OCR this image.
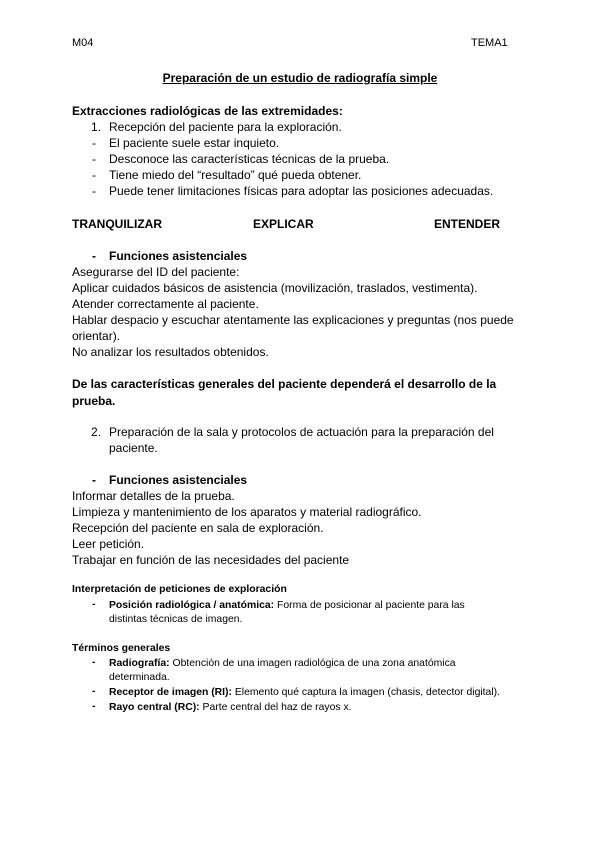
M04	TEMA1
Preparación de un estudio de radiografía simple
Extracciones radiológicas de las extremidades:
1. Recepción del paciente para la exploración.
- El paciente suele estar inquieto.
- Desconoce las características técnicas de la prueba.
- Tiene miedo del “resultado” qué pueda obtener.
- Puede tener limitaciones físicas para adoptar las posiciones adecuadas.
TRANQUILIZAR	EXPLICAR	ENTENDER
- Funciones asistenciales
Asegurarse del ID del paciente:
Aplicar cuidados básicos de asistencia (movilización, traslados, vestimenta).
Atender correctamente al paciente.
Hablar despacio y escuchar atentamente las explicaciones y preguntas (nos puede
orientar).
No analizar los resultados obtenidos.
De las características generales del paciente dependerá el desarrollo de la
prueba.
2. Preparación de la sala y protocolos de actuación para la preparación del
paciente.
- Funciones asistenciales
Informar detalles de la prueba.
Limpieza y mantenimiento de los aparatos y material radiográfico.
Recepción del paciente en sala de exploración.
Leer petición.
Trabajar en función de las necesidades del paciente
Interpretación de peticiones de exploración
- Posición radiológica / anatómica: Forma de posicionar al paciente para las
distintas técnicas de imagen.
Términos generales
- Radiografía: Obtención de una imagen radiológica de una zona anatómica
determinada.
- Receptor de imagen (RI): Elemento qué captura la imagen (chasis, detector digital).
- Rayo central (RC): Parte central del haz de rayos x.
